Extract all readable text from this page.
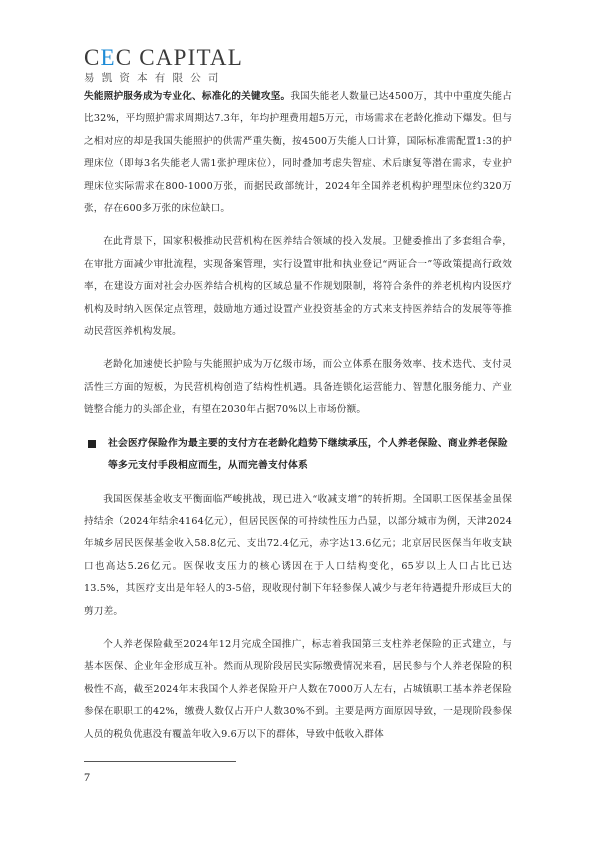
CEC CAPITAL
易凯资本有限公司

失能照护服务成为专业化、标准化的关键攻坚。我国失能老人数量已达4500万，其中中重度失能占比32%，平均照护需求周期达7.3年，年均护理费用超5万元，市场需求在老龄化推动下爆发。但与之相对应的却是我国失能照护的供需严重失衡，按4500万失能人口计算，国际标准需配置1:3的护理床位（即每3名失能老人需1张护理床位），同时叠加考虑失智症、术后康复等潜在需求，专业护理床位实际需求在800-1000万张，而据民政部统计，2024年全国养老机构护理型床位约320万张，存在600多万张的床位缺口。

在此背景下，国家积极推动民营机构在医养结合领域的投入发展。卫健委推出了多套组合拳，在审批方面减少审批流程，实现备案管理，实行设置审批和执业登记“两证合一”等政策提高行政效率，在建设方面对社会办医养结合机构的区域总量不作规划限制，将符合条件的养老机构内设医疗机构及时纳入医保定点管理，鼓励地方通过设置产业投资基金的方式来支持医养结合的发展等等推动民营医养机构发展。

老龄化加速使长护险与失能照护成为万亿级市场，而公立体系在服务效率、技术迭代、支付灵活性三方面的短板，为民营机构创造了结构性机遇。具备连锁化运营能力、智慧化服务能力、产业链整合能力的头部企业，有望在2030年占据70%以上市场份额。

社会医疗保险作为最主要的支付方在老龄化趋势下继续承压，个人养老保险、商业养老保险等多元支付手段相应而生，从而完善支付体系

我国医保基金收支平衡面临严峻挑战，现已进入“收减支增”的转折期。全国职工医保基金虽保持结余（2024年结余4164亿元），但居民医保的可持续性压力凸显，以部分城市为例，天津2024年城乡居民医保基金收入58.8亿元、支出72.4亿元，赤字达13.6亿元；北京居民医保当年收支缺口也高达5.26亿元。医保收支压力的核心诱因在于人口结构变化，65岁以上人口占比已达13.5%，其医疗支出是年轻人的3-5倍，现收现付制下年轻参保人减少与老年待遇提升形成巨大的剪刀差。

个人养老保险截至2024年12月完成全国推广，标志着我国第三支柱养老保险的正式建立，与基本医保、企业年金形成互补。然而从现阶段居民实际缴费情况来看，居民参与个人养老保险的积极性不高，截至2024年末我国个人养老保险开户人数在7000万人左右，占城镇职工基本养老保险参保在职职工的42%，缴费人数仅占开户人数30%不到。主要是两方面原因导致，一是现阶段参保人员的税负优惠没有覆盖年收入9.6万以下的群体，导致中低收入群体

7
